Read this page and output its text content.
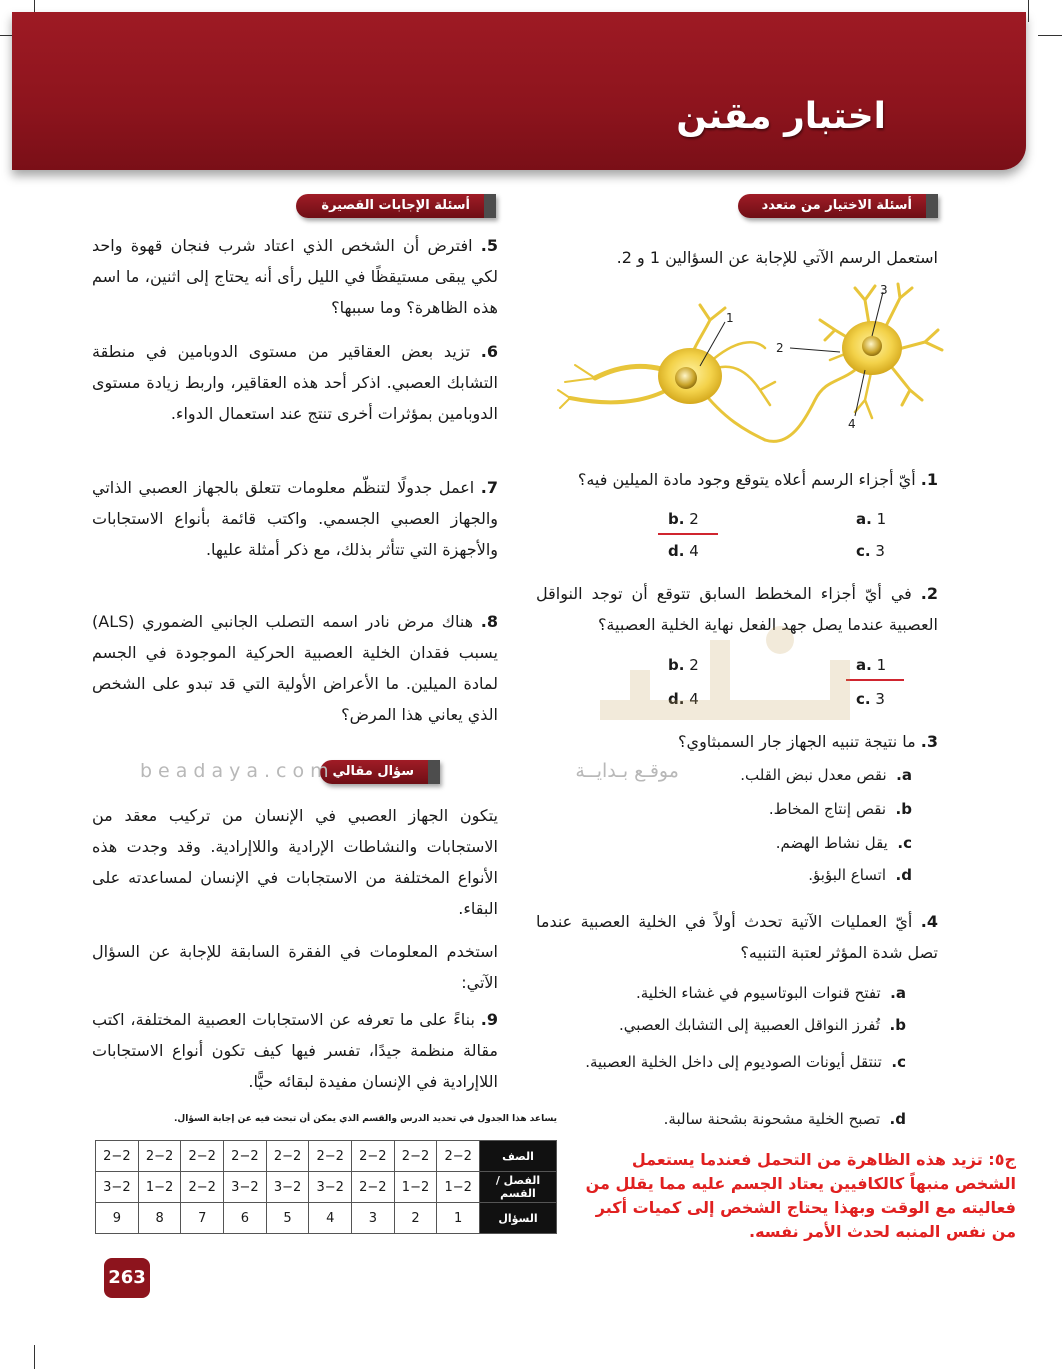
اختبار مقنن
أسئلة الاختيار من متعدد
أسئلة الإجابات القصيرة
سؤال مقالي

استعمل الرسم الآتي للإجابة عن السؤالين 1 و 2.

1
2
3
4

1. أيّ أجزاء الرسم أعلاه يتوقع وجود مادة الميلين فيه؟

a. 1
b. 2
c. 3
d. 4

2. في أيّ أجزاء المخطط السابق تتوقع أن توجد النواقل العصبية عندما يصل جهد الفعل نهاية الخلية العصبية؟

a. 1
b. 2
c. 3
d. 4

3. ما نتيجة تنبيه الجهاز جار السمبثاوي؟

a.  نقص معدل نبض القلب.
b.  نقص إنتاج المخاط.
c.  يقل نشاط الهضم.
d.  اتساع البؤبؤ.

4. أيّ العمليات الآتية تحدث أولاً في الخلية العصبية عندما تصل شدة المؤثر لعتبة التنبيه؟

a.  تفتح قنوات البوتاسيوم في غشاء الخلية.
b.  تُفرز النواقل العصبية إلى التشابك العصبي.
c.  تنتقل أيونات الصوديوم إلى داخل الخلية العصبية.
d.  تصبح الخلية مشحونة بشحنة سالبة.

ج٥: تزيد هذه الظاهرة من التحمل فعندما يستعمل الشخص منبهاً كالكافيين يعتاد الجسم عليه مما يقلل من فعاليته مع الوقت وبهذا يحتاج الشخص إلى كميات أكبر من نفس المنبه لحدث الأمر نفسه.

5. افترض أن الشخص الذي اعتاد شرب فنجان قهوة واحد لكي يبقى مستيقظًا في الليل رأى أنه يحتاج إلى اثنين، ما اسم هذه الظاهرة؟ وما سببها؟

6. تزيد بعض العقاقير من مستوى الدوبامين في منطقة التشابك العصبي. اذكر أحد هذه العقاقير، واربط زيادة مستوى الدوبامين بمؤثرات أخرى تنتج عند استعمال الدواء.

7. اعمل جدولًا لتنظّم معلومات تتعلق بالجهاز العصبي الذاتي والجهاز العصبي الجسمي. واكتب قائمة بأنواع الاستجابات والأجهزة التي تتأثر بذلك، مع ذكر أمثلة عليها.

8. هناك مرض نادر اسمه التصلب الجانبي الضموري (ALS) يسبب فقدان الخلية العصبية الحركية الموجودة في الجسم لمادة الميلين. ما الأعراض الأولية التي قد تبدو على الشخص الذي يعاني هذا المرض؟

beadaya.com	موقـع بـدايــة

يتكون الجهاز العصبي في الإنسان من تركيب معقد من الاستجابات والنشاطات الإرادية واللاإرادية. وقد وجدت هذه الأنواع المختلفة من الاستجابات في الإنسان لمساعدته على البقاء.

استخدم المعلومات في الفقرة السابقة للإجابة عن السؤال الآتي:

9. بناءً على ما تعرفه عن الاستجابات العصبية المختلفة، اكتب مقالة منظمة جيدًا، تفسر فيها كيف تكون أنواع الاستجابات اللاإرادية في الإنسان مفيدة لبقائه حيًّا.

يساعد هذا الجدول في تحديد الدرس والقسم الذي يمكن أن تبحث فيه عن إجابة السؤال.

الصف	2−2	2−2	2−2	2−2	2−2	2−2	2−2	2−2	2−2
الفصل / القسم	1−2	1−2	2−2	3−2	3−2	3−2	2−2	1−2	3−2
السؤال	1	2	3	4	5	6	7	8	9
263
